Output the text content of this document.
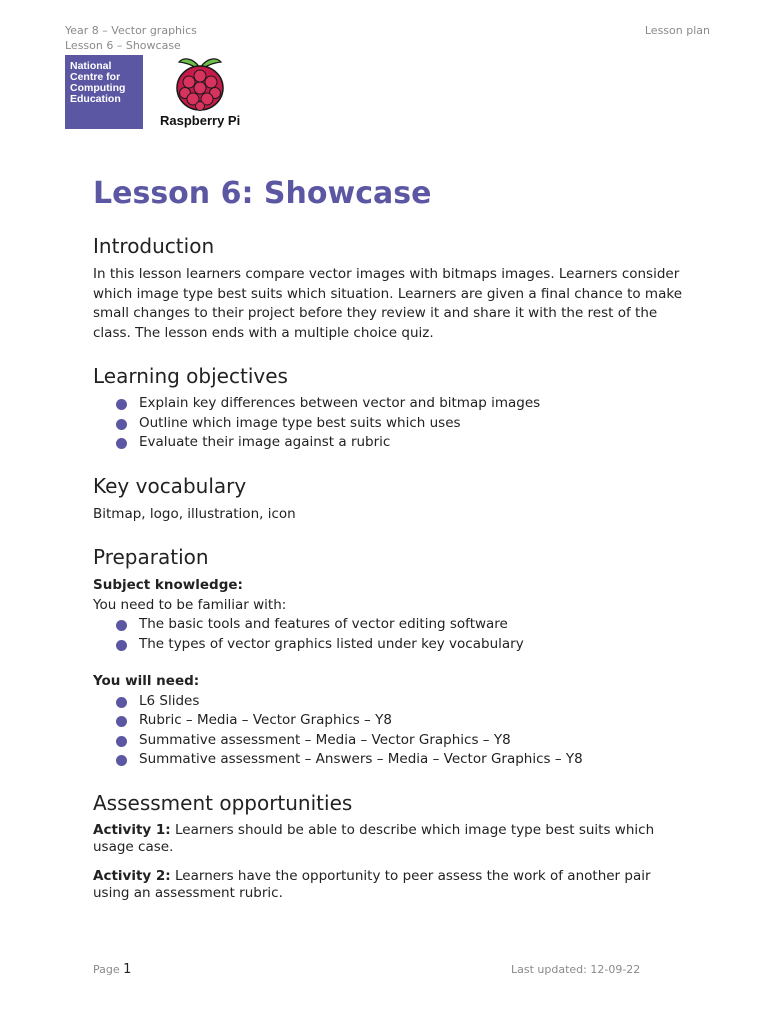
Year 8 – Vector graphics
Lesson 6 – Showcase
Lesson plan
National
Centre for
Computing
Education
Raspberry Pi
Lesson 6: Showcase
Introduction

In this lesson learners compare vector images with bitmaps images. Learners consider which image type best suits which situation. Learners are given a final chance to make small changes to their project before they review it and share it with the rest of the class. The lesson ends with a multiple choice quiz.

Learning objectives
Explain key differences between vector and bitmap images
Outline which image type best suits which uses
Evaluate their image against a rubric
Key vocabulary

Bitmap, logo, illustration, icon

Preparation

Subject knowledge:

You need to be familiar with:

The basic tools and features of vector editing software
The types of vector graphics listed under key vocabulary

You will need:

L6 Slides
Rubric – Media – Vector Graphics – Y8
Summative assessment – Media – Vector Graphics – Y8
Summative assessment – Answers – Media – Vector Graphics – Y8
Assessment opportunities

Activity 1: Learners should be able to describe which image type best suits which usage case.

Activity 2: Learners have the opportunity to peer assess the work of another pair using an assessment rubric.

Page 1	Last updated: 12-09-22
